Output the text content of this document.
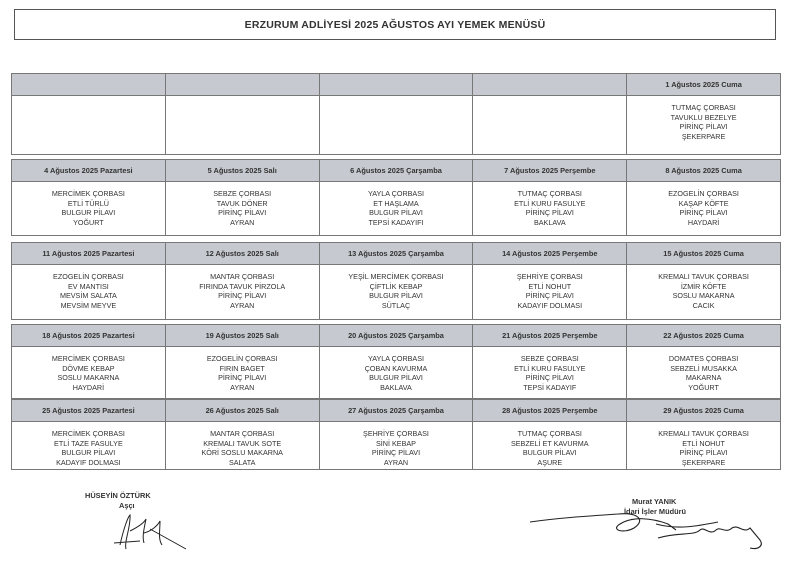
ERZURUM ADLİYESİ 2025 AĞUSTOS AYI YEMEK MENÜSÜ
1 Ağustos 2025 Cuma
TUTMAÇ ÇORBASI
TAVUKLU BEZELYE
PİRİNÇ PİLAVI
ŞEKERPARE
4 Ağustos 2025 Pazartesi
MERCİMEK ÇORBASI
ETLİ TÜRLÜ
BULGUR PİLAVI
YOĞURT
5 Ağustos 2025 Salı
SEBZE ÇORBASI
TAVUK DÖNER
PİRİNÇ PİLAVI
AYRAN
6 Ağustos 2025 Çarşamba
YAYLA ÇORBASI
ET HAŞLAMA
BULGUR PİLAVI
TEPSİ KADAYIFI
7 Ağustos 2025 Perşembe
TUTMAÇ ÇORBASI
ETLİ KURU FASULYE
PİRİNÇ PİLAVI
BAKLAVA
8 Ağustos 2025 Cuma
EZOGELİN ÇORBASI
KAŞAP KÖFTE
PİRİNÇ PİLAVI
HAYDARİ
11 Ağustos 2025 Pazartesi
EZOGELİN ÇORBASI
EV MANTISI
MEVSİM SALATA
MEVSİM MEYVE
12 Ağustos 2025 Salı
MANTAR ÇORBASI
FIRINDA TAVUK PİRZOLA
PİRİNÇ PİLAVI
AYRAN
13 Ağustos 2025 Çarşamba
YEŞİL MERCİMEK ÇORBASI
ÇİFTLİK KEBAP
BULGUR PİLAVI
SÜTLAÇ
14 Ağustos 2025 Perşembe
ŞEHRİYE ÇORBASI
ETLİ NOHUT
PİRİNÇ PİLAVI
KADAYIF DOLMASI
15 Ağustos 2025 Cuma
KREMALI TAVUK ÇORBASI
İZMİR KÖFTE
SOSLU MAKARNA
CACIK
18 Ağustos 2025 Pazartesi
MERCİMEK ÇORBASI
DÖVME KEBAP
SOSLU MAKARNA
HAYDARİ
19 Ağustos 2025 Salı
EZOGELİN ÇORBASI
FIRIN BAGET
PİRİNÇ PİLAVI
AYRAN
20 Ağustos 2025 Çarşamba
YAYLA ÇORBASI
ÇOBAN KAVURMA
BULGUR PİLAVI
BAKLAVA
21 Ağustos 2025 Perşembe
SEBZE ÇORBASI
ETLİ KURU FASULYE
PİRİNÇ PİLAVI
TEPSİ KADAYIF
22 Ağustos 2025 Cuma
DOMATES ÇORBASI
SEBZELİ MUSAKKA
MAKARNA
YOĞURT
25 Ağustos 2025 Pazartesi
MERCİMEK ÇORBASI
ETLİ TAZE FASULYE
BULGUR PİLAVI
KADAYIF DOLMASI
26 Ağustos 2025 Salı
MANTAR ÇORBASI
KREMALI TAVUK SOTE
KÖRİ SOSLU MAKARNA
SALATA
27 Ağustos 2025 Çarşamba
ŞEHRİYE ÇORBASI
SİNİ KEBAP
PİRİNÇ PİLAVI
AYRAN
28 Ağustos 2025 Perşembe
TUTMAÇ ÇORBASI
SEBZELİ ET KAVURMA
BULGUR PİLAVI
AŞURE
29 Ağustos 2025 Cuma
KREMALI TAVUK ÇORBASI
ETLİ NOHUT
PİRİNÇ PİLAVI
ŞEKERPARE
HÜSEYİN ÖZTÜRK
Aşçı	Murat YANIK
İdari İşler Müdürü
